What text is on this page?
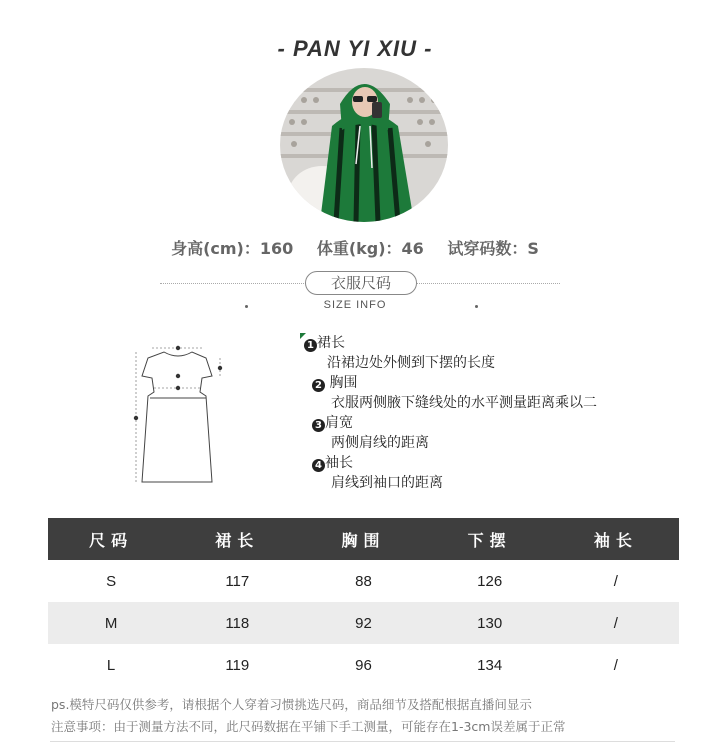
- PAN YI XIU -
身高(cm)：160 体重(kg)：46 试穿码数：S
衣服尺码
SIZE INFO
1 裙长
沿裙边处外侧到下摆的长度
2 胸围
衣服两侧腋下缝线处的水平测量距离乘以二
3 肩宽
两侧肩线的距离
4 袖长
肩线到袖口的距离
尺码	裙长	胸围	下摆	袖长
S	117	88	126	/
M	118	92	130	/
L	119	96	134	/
ps.模特尺码仅供参考，请根据个人穿着习惯挑选尺码，商品细节及搭配根据直播间显示
注意事项：由于测量方法不同，此尺码数据在平铺下手工测量，可能存在1-3cm误差属于正常
